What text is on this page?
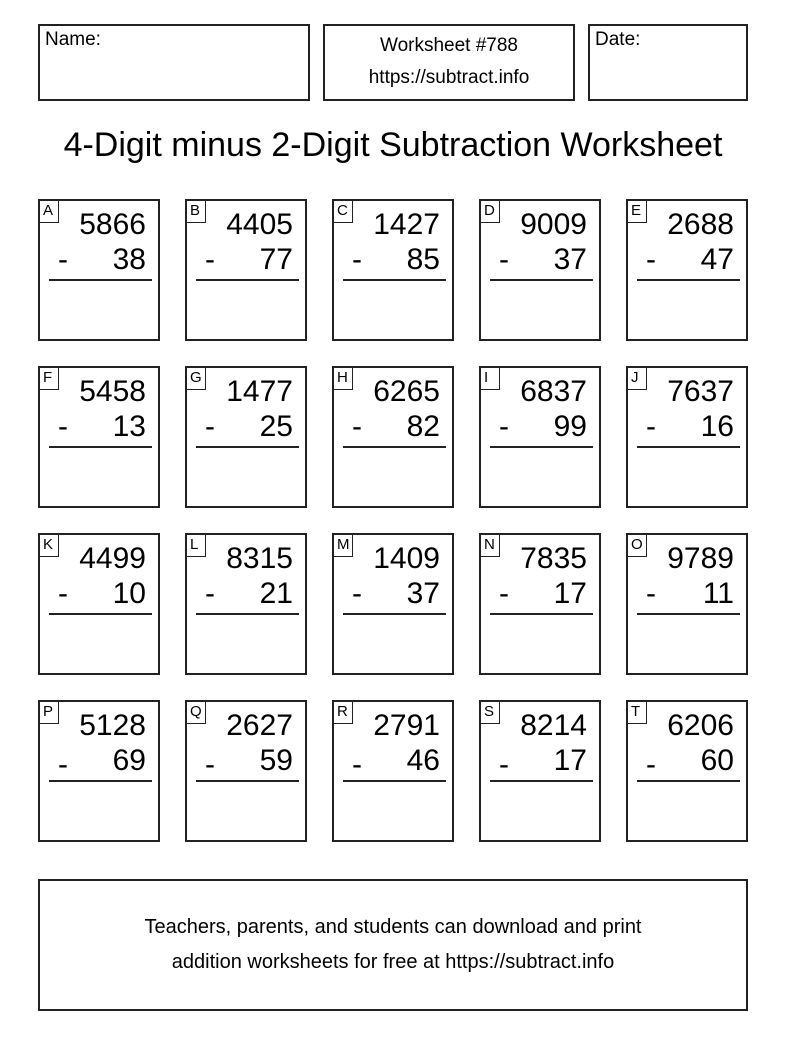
Name:	Worksheet #788
https://subtract.info
Date:
4-Digit minus 2-Digit Subtraction Worksheet
A 5866
- 38
B 4405
- 77
C 1427
- 85
D 9009
- 37
E 2688
- 47
F 5458
- 13
G 1477
- 25
H 6265
- 82
I	6837
- 99
J 7637
- 16
K 4499
- 10
L 8315
- 21
M 1409
- 37
N 7835
- 17
O 9789
- 11
P 5128
- 69
Q 2627
- 59
R 2791
- 46
S 8214
- 17
T 6206
- 60
Teachers, parents, and students can download and print
addition worksheets for free at https://subtract.info
